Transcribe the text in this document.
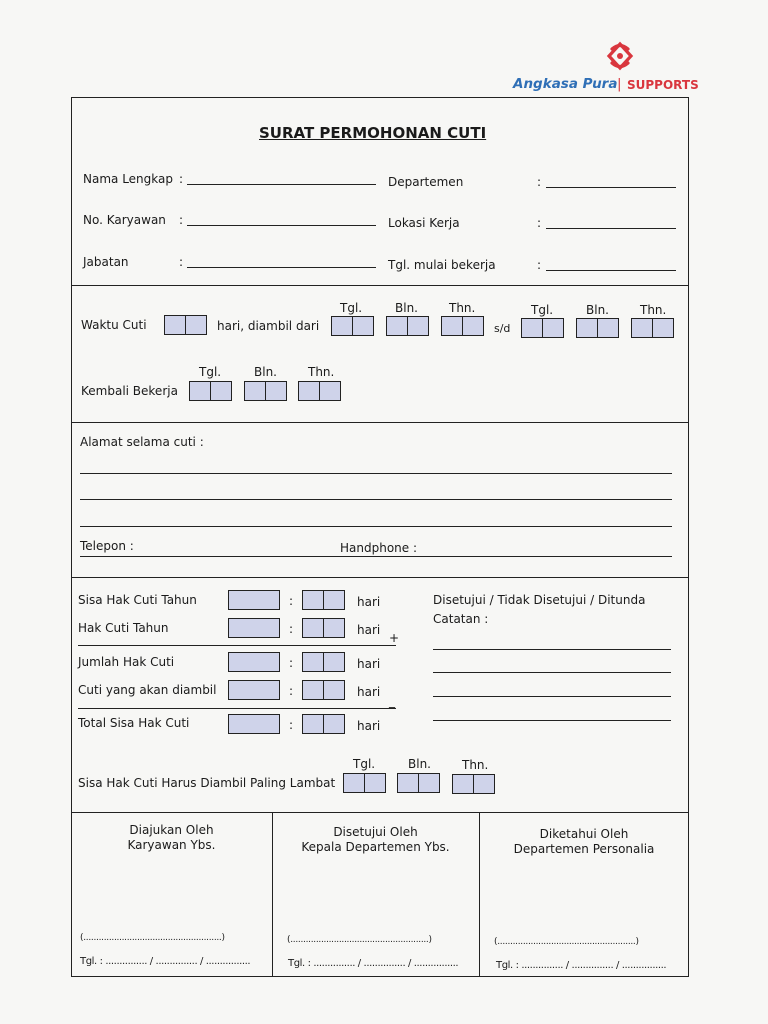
Angkasa Pura | SUPPORTS
SURAT PERMOHONAN CUTI
Nama Lengkap :
No. Karyawan :
Jabatan	:
Departemen	:
Lokasi Kerja	:
Tgl. mulai bekerja	:
Tgl.	Bln.	Thn.	Tgl.	Bln.	Thn.
Waktu Cuti	hari, diambil dari	s/d
Tgl.	Bln.	Thn.
Kembali Bekerja
Alamat selama cuti :
Telepon :	Handphone :
Sisa Hak Cuti Tahun	:	hari
Hak Cuti Tahun	:	hari
+
Jumlah Hak Cuti	:	hari
Cuti yang akan diambil	:	hari
_
Total Sisa Hak Cuti	:	hari
Disetujui / Tidak Disetujui / Ditunda
Catatan :
Tgl.	Bln.	Thn.
Sisa Hak Cuti Harus Diambil Paling Lambat
Diajukan Oleh
Karyawan Ybs.
Disetujui Oleh
Kepala Departemen Ybs.
Diketahui Oleh
Departemen Personalia
(......................................................)	(......................................................)	(......................................................)
Tgl. : ............... / ............... / ................	Tgl. : ............... / ............... / ................	Tgl. : ............... / ............... / ................
